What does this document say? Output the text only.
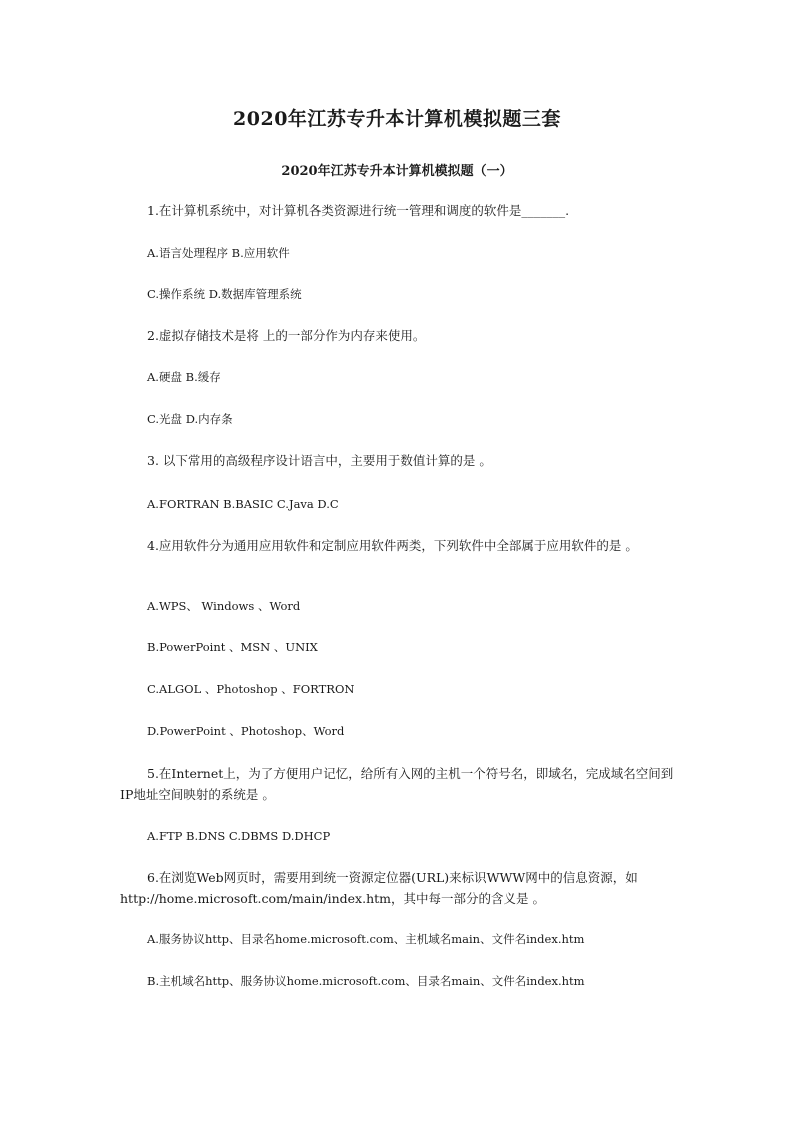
2020年江苏专升本计算机模拟题三套
2020年江苏专升本计算机模拟题（一）
1.在计算机系统中，对计算机各类资源进行统一管理和调度的软件是_______.
A.语言处理程序 B.应用软件
C.操作系统 D.数据库管理系统
2.虚拟存储技术是将 上的一部分作为内存来使用。
A.硬盘 B.缓存
C.光盘 D.内存条
3. 以下常用的高级程序设计语言中，主要用于数值计算的是 。
A.FORTRAN B.BASIC C.Java D.C
4.应用软件分为通用应用软件和定制应用软件两类，下列软件中全部属于应用软件的是 。
A.WPS、 Windows 、Word
B.PowerPoint 、MSN 、UNIX
C.ALGOL 、Photoshop 、FORTRON
D.PowerPoint 、Photoshop、Word
5.在Internet上，为了方便用户记忆，给所有入网的主机一个符号名，即域名，完成域名空间到IP地址空间映射的系统是 。
A.FTP B.DNS C.DBMS D.DHCP
6.在浏览Web网页时，需要用到统一资源定位器(URL)来标识WWW网中的信息资源，如http://home.microsoft.com/main/index.htm，其中每一部分的含义是 。
A.服务协议http、目录名home.microsoft.com、主机域名main、文件名index.htm
B.主机域名http、服务协议home.microsoft.com、目录名main、文件名index.htm
